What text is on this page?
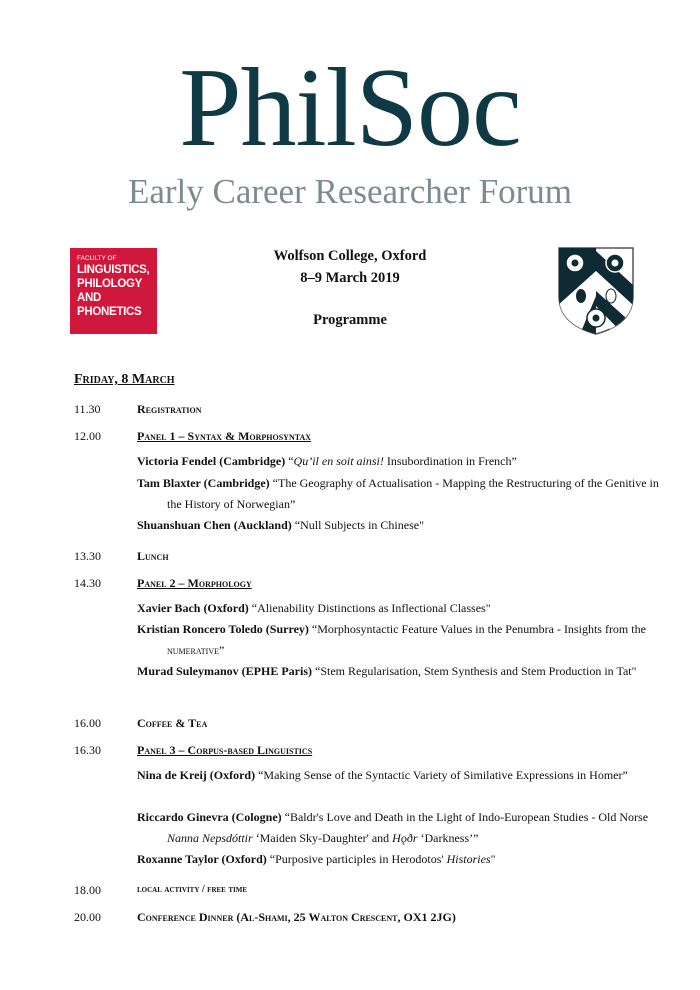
PhilSoc
Early Career Researcher Forum
FACULTY OF
LINGUISTICS,
PHILOLOGY
AND
PHONETICS
Wolfson College, Oxford
8–9 March 2019
Programme
Friday, 8 March
11.30	Registration
12.00	Panel 1 – Syntax & Morphosyntax
Victoria Fendel (Cambridge) “Qu’il en soit ainsi! Insubordination in French”
Tam Blaxter (Cambridge) “The Geography of Actualisation - Mapping the Restructuring of the Genitive in the History of Norwegian”
Shuanshuan Chen (Auckland) “Null Subjects in Chinese"
13.30	Lunch
14.30	Panel 2 – Morphology
Xavier Bach (Oxford) “Alienability Distinctions as Inflectional Classes"
Kristian Roncero Toledo (Surrey) “Morphosyntactic Feature Values in the Penumbra - Insights from the numerative”
Murad Suleymanov (EPHE Paris) “Stem Regularisation, Stem Synthesis and Stem Production in Tat"
16.00	Coffee & Tea
16.30	Panel 3 – Corpus-based Linguistics
Nina de Kreij (Oxford) “Making Sense of the Syntactic Variety of Similative Expressions in Homer”
Riccardo Ginevra (Cologne) “Baldr's Love and Death in the Light of Indo-European Studies - Old Norse Nanna Nepsdóttir ‘Maiden Sky-Daughter' and Hǫðr ‘Darkness’”
Roxanne Taylor (Oxford) “Purposive participles in Herodotos' Histories"
18.00	local activity / free time
20.00	Conference Dinner (Al-Shami, 25 Walton Crescent, OX1 2JG)
